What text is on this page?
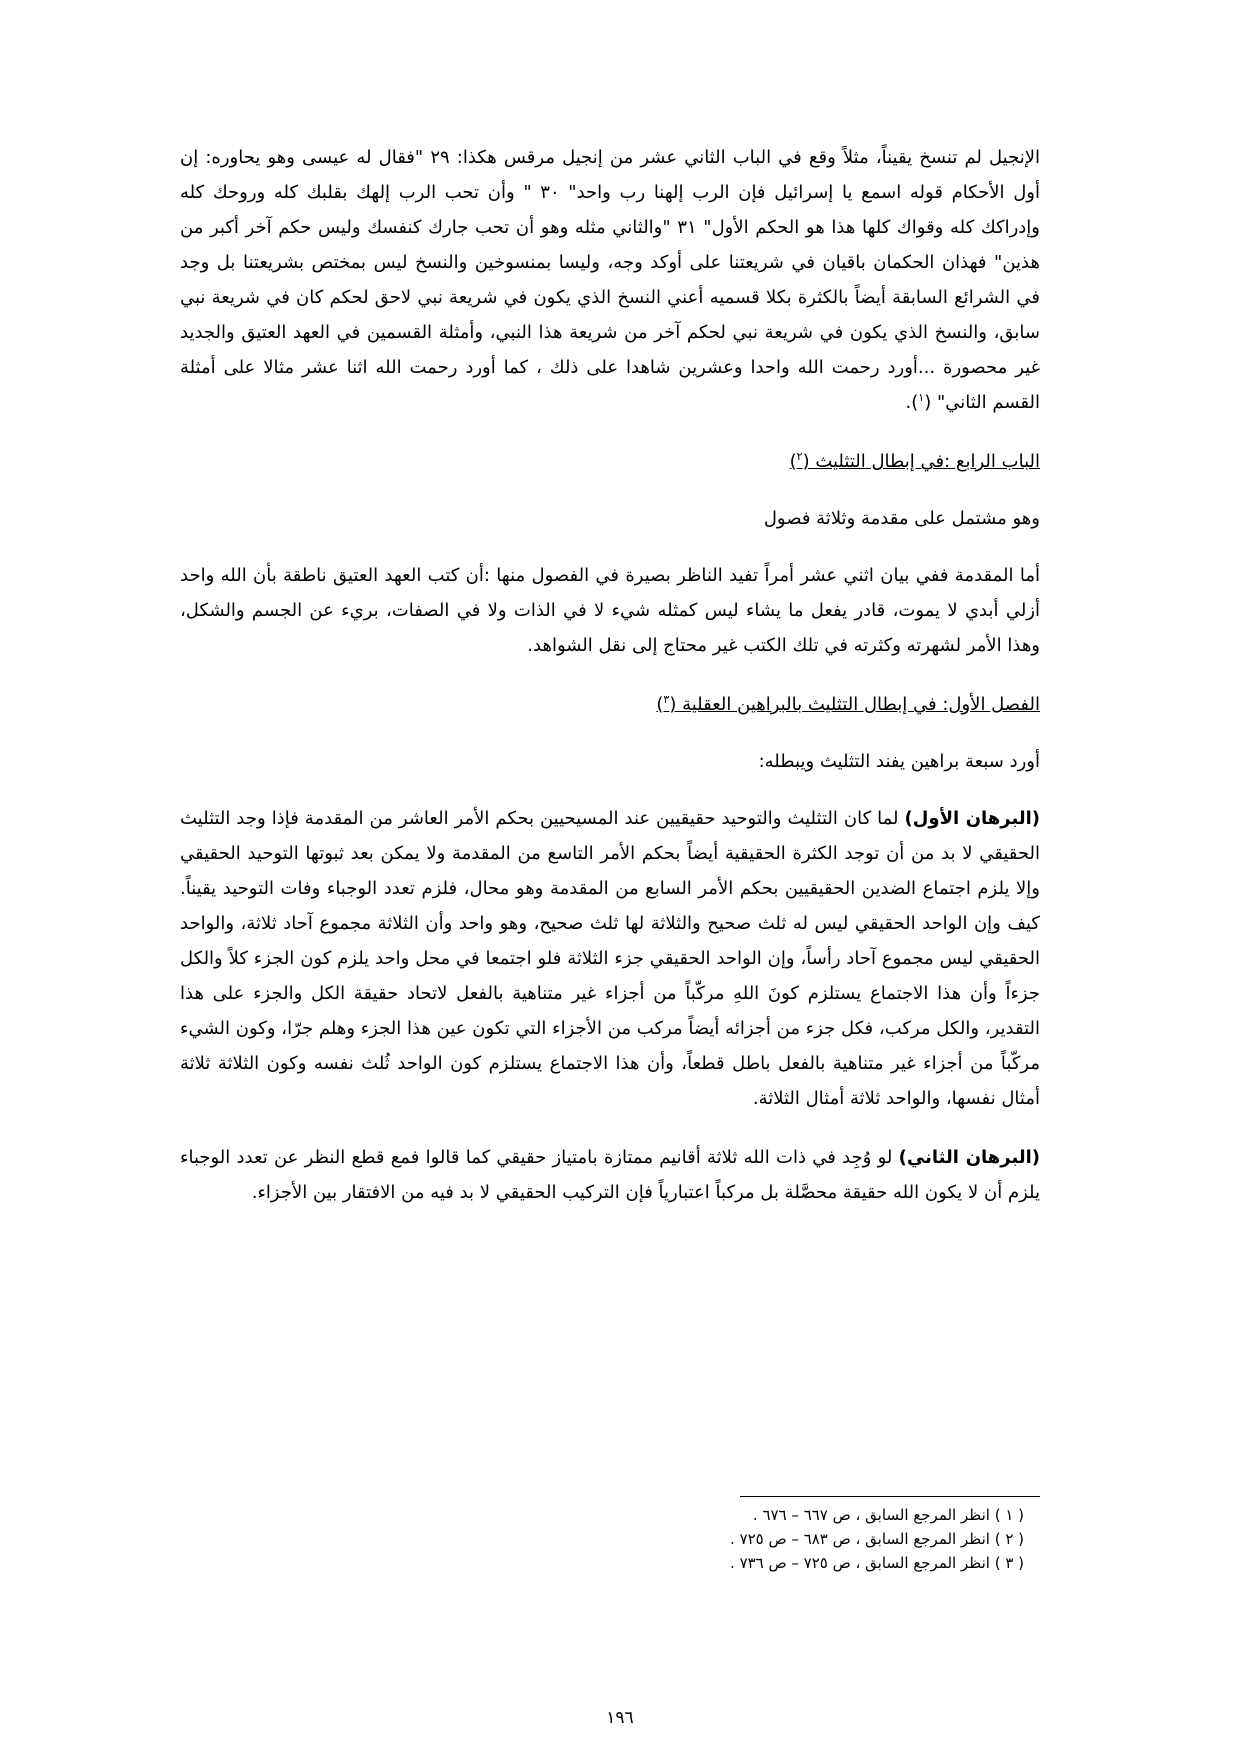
الإنجيل لم تنسخ يقيناً، مثلاً وقع في الباب الثاني عشر من إنجيل مرقس هكذا: ٢٩ "فقال له عيسى وهو يحاوره: إن أول الأحكام قوله اسمع يا إسرائيل فإن الرب إلهنا رب واحد" ٣٠ " وأن تحب الرب إلهك بقلبك كله وروحك كله وإدراكك كله وقواك كلها هذا هو الحكم الأول" ٣١ "والثاني مثله وهو أن تحب جارك كنفسك وليس حكم آخر أكبر من هذين" فهذان الحكمان باقيان في شريعتنا على أوكد وجه، وليسا بمنسوخين والنسخ ليس بمختص بشريعتنا بل وجد في الشرائع السابقة أيضاً بالكثرة بكلا قسميه أعني النسخ الذي يكون في شريعة نبي لاحق لحكم كان في شريعة نبي سابق، والنسخ الذي يكون في شريعة نبي لحكم آخر من شريعة هذا النبي، وأمثلة القسمين في العهد العتيق والجديد غير محصورة ...أورد رحمت الله واحدا وعشرين شاهدا على ذلك ، كما أورد رحمت الله اثنا عشر مثالا على أمثلة القسم الثاني" ($^١$).

الباب الرابع :في إبطال التثليث ($^٢$)

وهو مشتمل على مقدمة وثلاثة فصول

أما المقدمة ففي بيان اثني عشر أمراً تفيد الناظر بصيرة في الفصول منها :أن كتب العهد العتيق ناطقة بأن الله واحد أزلي أبدي لا يموت، قادر يفعل ما يشاء ليس كمثله شيء لا في الذات ولا في الصفات، بريء عن الجسم والشكل، وهذا الأمر لشهرته وكثرته في تلك الكتب غير محتاج إلى نقل الشواهد.

الفصل الأول: في إبطال التثليث بالبراهين العقلية ($^٣$)

أورد سبعة براهين يفند التثليث ويبطله:

(البرهان الأول) لما كان التثليث والتوحيد حقيقيين عند المسيحيين بحكم الأمر العاشر من المقدمة فإذا وجد التثليث الحقيقي لا بد من أن توجد الكثرة الحقيقية أيضاً بحكم الأمر التاسع من المقدمة ولا يمكن بعد ثبوتها التوحيد الحقيقي وإلا يلزم اجتماع الضدين الحقيقيين بحكم الأمر السابع من المقدمة وهو محال، فلزم تعدد الوجباء وفات التوحيد يقيناً. كيف وإن الواحد الحقيقي ليس له ثلث صحيح والثلاثة لها ثلث صحيح، وهو واحد وأن الثلاثة مجموع آحاد ثلاثة، والواحد الحقيقي ليس مجموع آحاد رأساً، وإن الواحد الحقيقي جزء الثلاثة فلو اجتمعا في محل واحد يلزم كون الجزء كلاً والكل جزءاً وأن هذا الاجتماع يستلزم كونَ اللهِ مركّباً من أجزاء غير متناهية بالفعل لاتحاد حقيقة الكل والجزء على هذا التقدير، والكل مركب، فكل جزء من أجزائه أيضاً مركب من الأجزاء التي تكون عين هذا الجزء وهلم جرّا، وكون الشيء مركّباً من أجزاء غير متناهية بالفعل باطل قطعاً، وأن هذا الاجتماع يستلزم كون الواحد ثُلث نفسه وكون الثلاثة ثلاثة أمثال نفسها، والواحد ثلاثة أمثال الثلاثة.

(البرهان الثاني) لو وُجِد في ذات الله ثلاثة أقانيم ممتازة بامتياز حقيقي كما قالوا فمع قطع النظر عن تعدد الوجباء يلزم أن لا يكون الله حقيقة محصَّلة بل مركباً اعتبارياً فإن التركيب الحقيقي لا بد فيه من الافتقار بين الأجزاء.

( ١ ) انظر المرجع السابق ، ص ٦٦٧ – ٦٧٦ .
( ٢ ) انظر المرجع السابق ، ص ٦٨٣ – ص ٧٢٥ .
( ٣ ) انظر المرجع السابق ، ص ٧٢٥ – ص ٧٣٦ .
١٩٦
